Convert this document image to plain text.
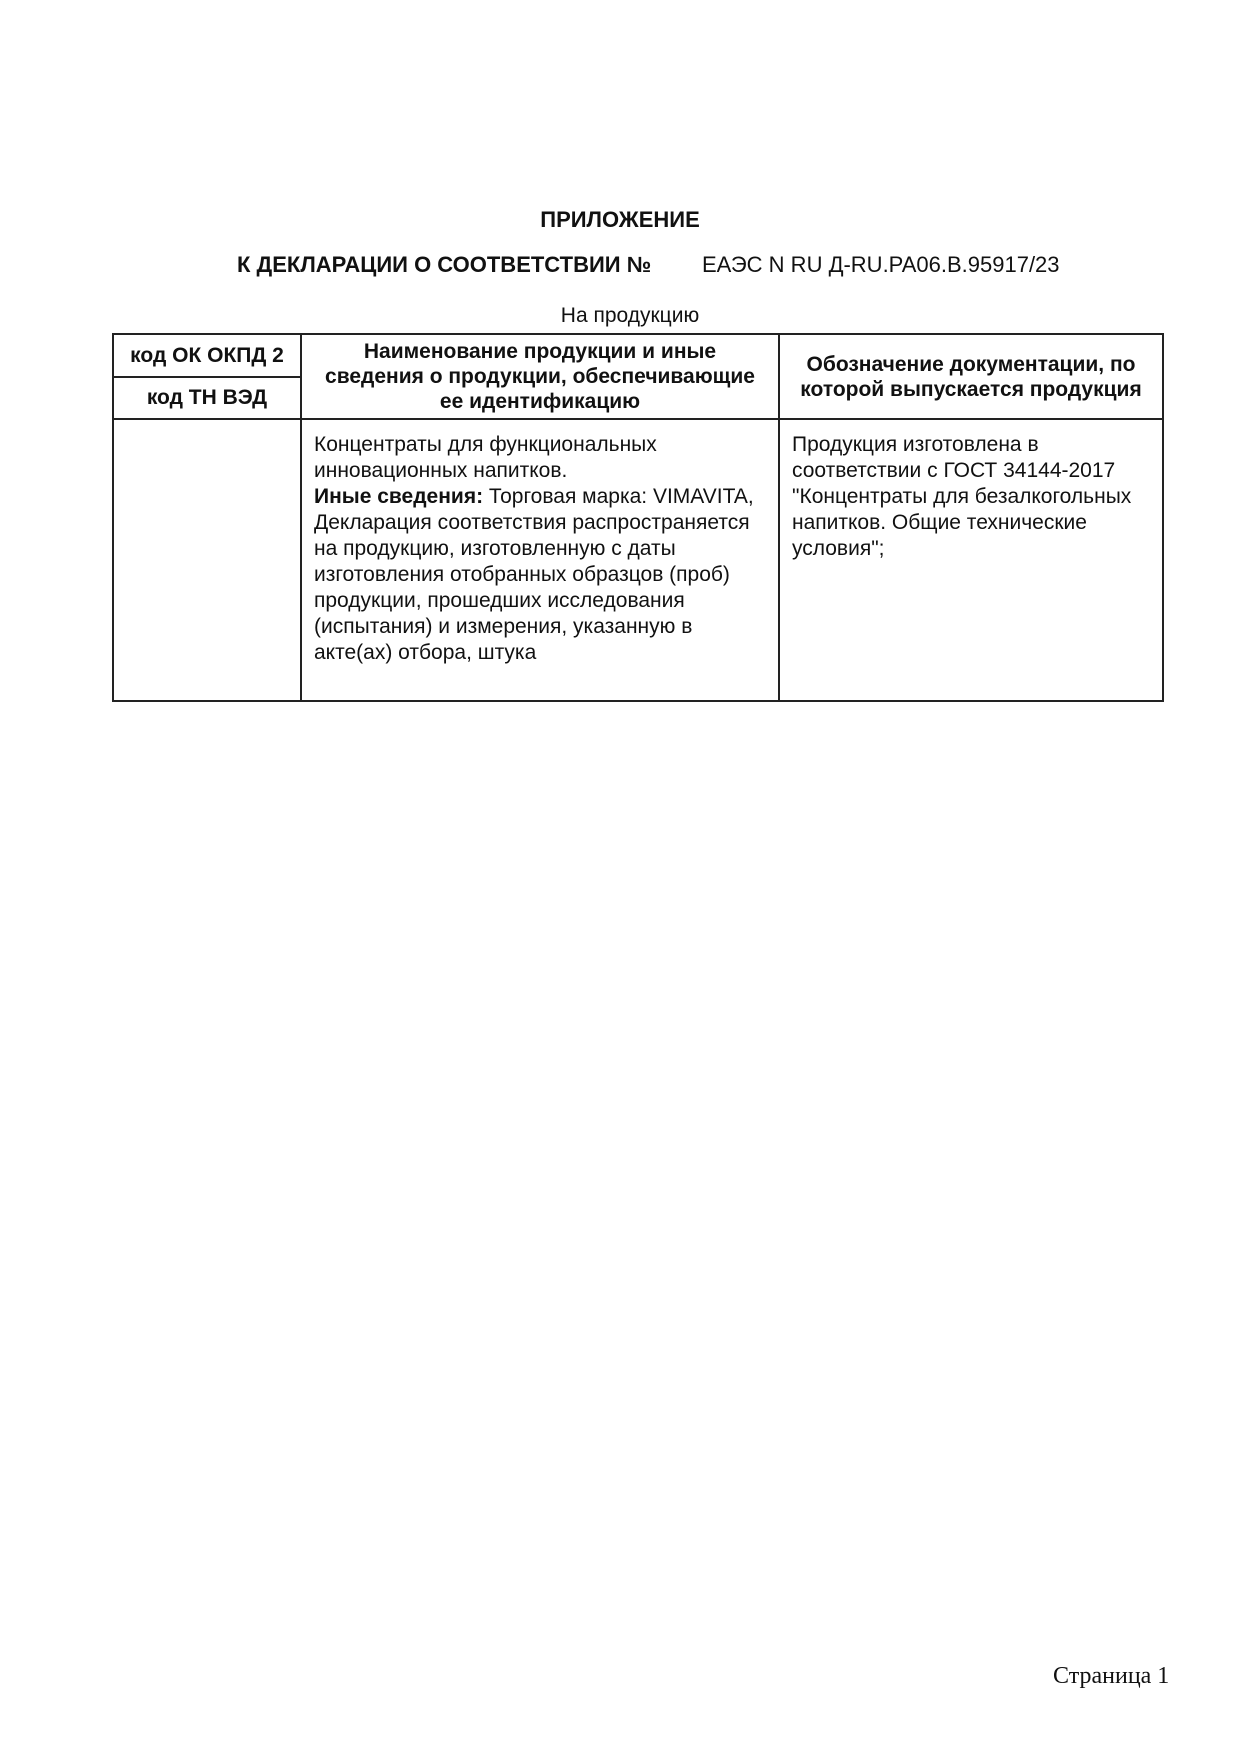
ПРИЛОЖЕНИЕ
К ДЕКЛАРАЦИИ О СООТВЕТСТВИИ № ЕАЭС N RU Д-RU.PA06.B.95917/23
На продукцию
код ОК ОКПД 2	Наименование продукции и иные сведения о продукции, обеспечивающие ее идентификацию	Обозначение документации, по которой выпускается продукция
код ТН ВЭД		
	Концентраты для функциональных инновационных напитков.
Иные сведения: Торговая марка: VIMAVITA, Декларация соответствия распространяется на продукцию, изготовленную с даты изготовления отобранных образцов (проб) продукции, прошедших исследования (испытания) и измерения, указанную в акте(ах) отбора, штука	Продукция изготовлена в соответствии с ГОСТ 34144-2017 "Концентраты для безалкогольных напитков. Общие технические условия";
Страница 1
